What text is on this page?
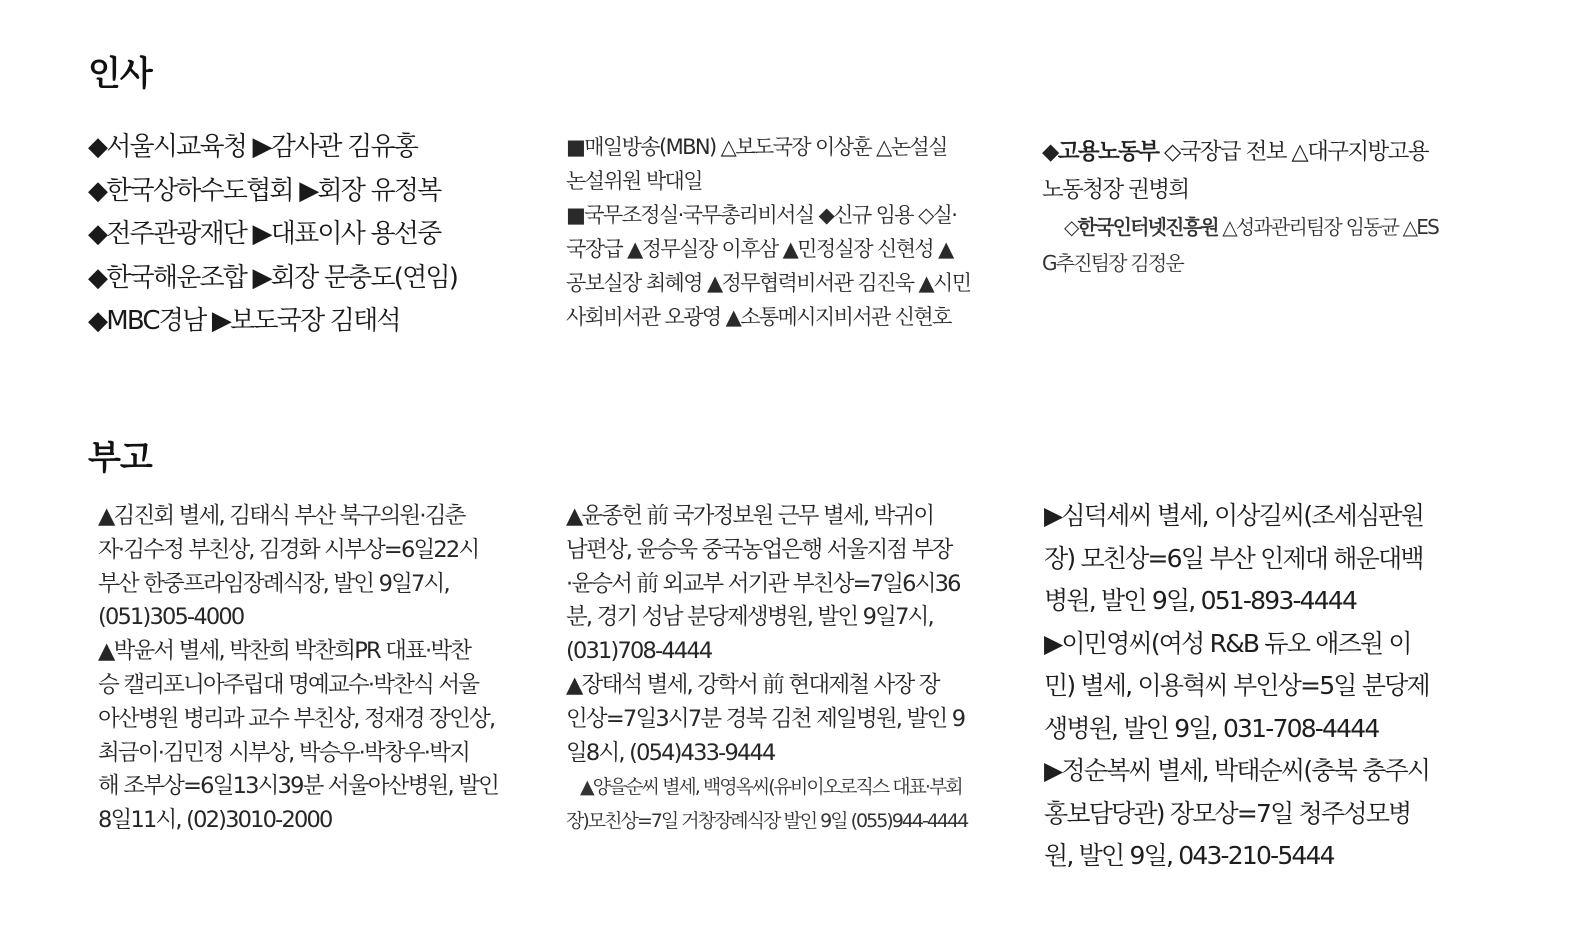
인사

◆서울시교육청 ▶감사관 김유홍

◆한국상하수도협회 ▶회장 유정복

◆전주관광재단 ▶대표이사 용선중

◆한국해운조합 ▶회장 문충도(연임)

◆MBC경남 ▶보도국장 김태석

■매일방송(MBN) △보도국장 이상훈 △논설실

논설위원 박대일

■국무조정실·국무총리비서실 ◆신규 임용 ◇실·

국장급 ▲정무실장 이후삼 ▲민정실장 신현성 ▲

공보실장 최혜영 ▲정무협력비서관 김진욱 ▲시민

사회비서관 오광영 ▲소통메시지비서관 신현호

◆고용노동부 ◇국장급 전보 △대구지방고용

노동청장 권병희

◇한국인터넷진흥원 △성과관리팀장 임동균 △ES

G추진팀장 김정운

부고

▲김진회 별세, 김태식 부산 북구의원·김춘

자·김수정 부친상, 김경화 시부상=6일22시

부산 한중프라임장례식장, 발인 9일7시,

(051)305-4000

▲박윤서 별세, 박찬희 박찬희PR 대표·박찬

승 캘리포니아주립대 명예교수·박찬식 서울

아산병원 병리과 교수 부친상, 정재경 장인상,

최금이·김민정 시부상, 박승우·박창우·박지

해 조부상=6일13시39분 서울아산병원, 발인

8일11시, (02)3010-2000

▲윤종헌 前 국가정보원 근무 별세, 박귀이

남편상, 윤승욱 중국농업은행 서울지점 부장

·윤승서 前 외교부 서기관 부친상=7일6시36

분, 경기 성남 분당제생병원, 발인 9일7시,

(031)708-4444

▲장태석 별세, 강학서 前 현대제철 사장 장

인상=7일3시7분 경북 김천 제일병원, 발인 9

일8시, (054)433-9444

▲양을순씨 별세, 백영옥씨(유비이오로직스 대표·부회

장)모친상=7일 거창장례식장 발인 9일 (055)944-4444

▶심덕세씨 별세, 이상길씨(조세심판원

장) 모친상=6일 부산 인제대 해운대백

병원, 발인 9일, 051-893-4444

▶이민영씨(여성 R&B 듀오 애즈원 이

민) 별세, 이용혁씨 부인상=5일 분당제

생병원, 발인 9일, 031-708-4444

▶정순복씨 별세, 박태순씨(충북 충주시

홍보담당관) 장모상=7일 청주성모병

원, 발인 9일, 043-210-5444
